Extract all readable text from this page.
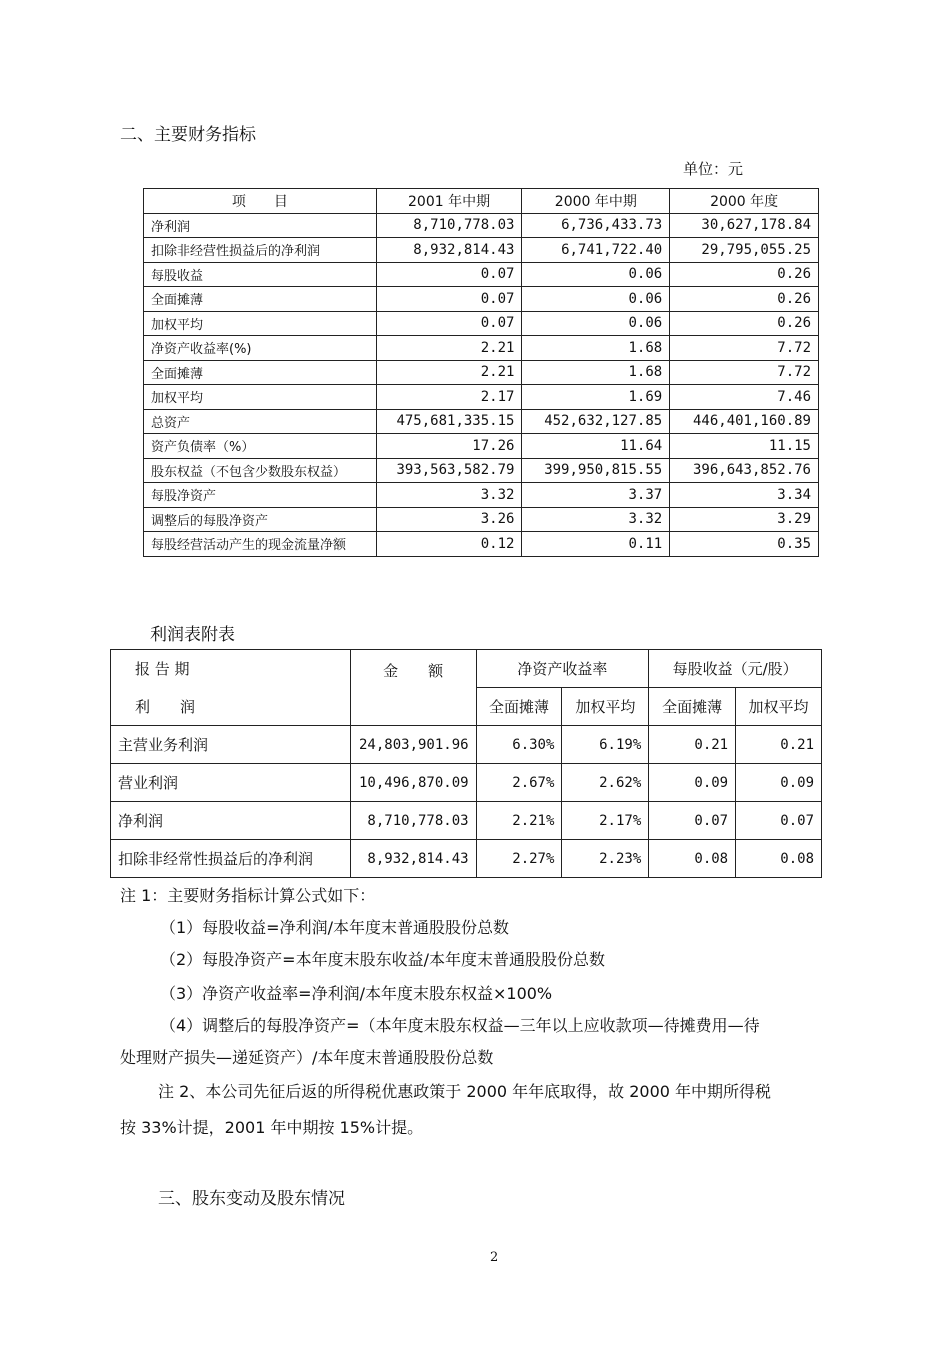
二、主要财务指标
单位：元
项　　目	2001 年中期	2000 年中期	2000 年度
净利润	8,710,778.03	6,736,433.73	30,627,178.84
扣除非经营性损益后的净利润	8,932,814.43	6,741,722.40	29,795,055.25
每股收益	0.07	0.06	0.26
全面摊薄	0.07	0.06	0.26
加权平均	0.07	0.06	0.26
净资产收益率(%)	2.21	1.68	7.72
全面摊薄	2.21	1.68	7.72
加权平均	2.17	1.69	7.46
总资产	475,681,335.15	452,632,127.85	446,401,160.89
资产负债率（%）	17.26	11.64	11.15
股东权益（不包含少数股东权益）	393,563,582.79	399,950,815.55	396,643,852.76
每股净资产	3.32	3.37	3.34
调整后的每股净资产	3.26	3.32	3.29
每股经营活动产生的现金流量净额	0.12	0.11	0.35
利润表附表
报 告 期	金　　额	净资产收益率		每股收益（元/股）	
利　　润		全面摊薄	加权平均	全面摊薄	加权平均
主营业务利润	24,803,901.96	6.30%	6.19%	0.21	0.21
营业利润	10,496,870.09	2.67%	2.62%	0.09	0.09
净利润	8,710,778.03	2.21%	2.17%	0.07	0.07
扣除非经常性损益后的净利润	8,932,814.43	2.27%	2.23%	0.08	0.08
注 1：主要财务指标计算公式如下：
（1）每股收益=净利润/本年度末普通股股份总数
（2）每股净资产=本年度末股东收益/本年度末普通股股份总数
（3）净资产收益率=净利润/本年度末股东权益×100%
（4）调整后的每股净资产=（本年度末股东权益—三年以上应收款项—待摊费用—待
处理财产损失—递延资产）/本年度末普通股股份总数
注 2、本公司先征后返的所得税优惠政策于 2000 年年底取得，故 2000 年中期所得税
按 33%计提，2001 年中期按 15%计提。
三、股东变动及股东情况
2
